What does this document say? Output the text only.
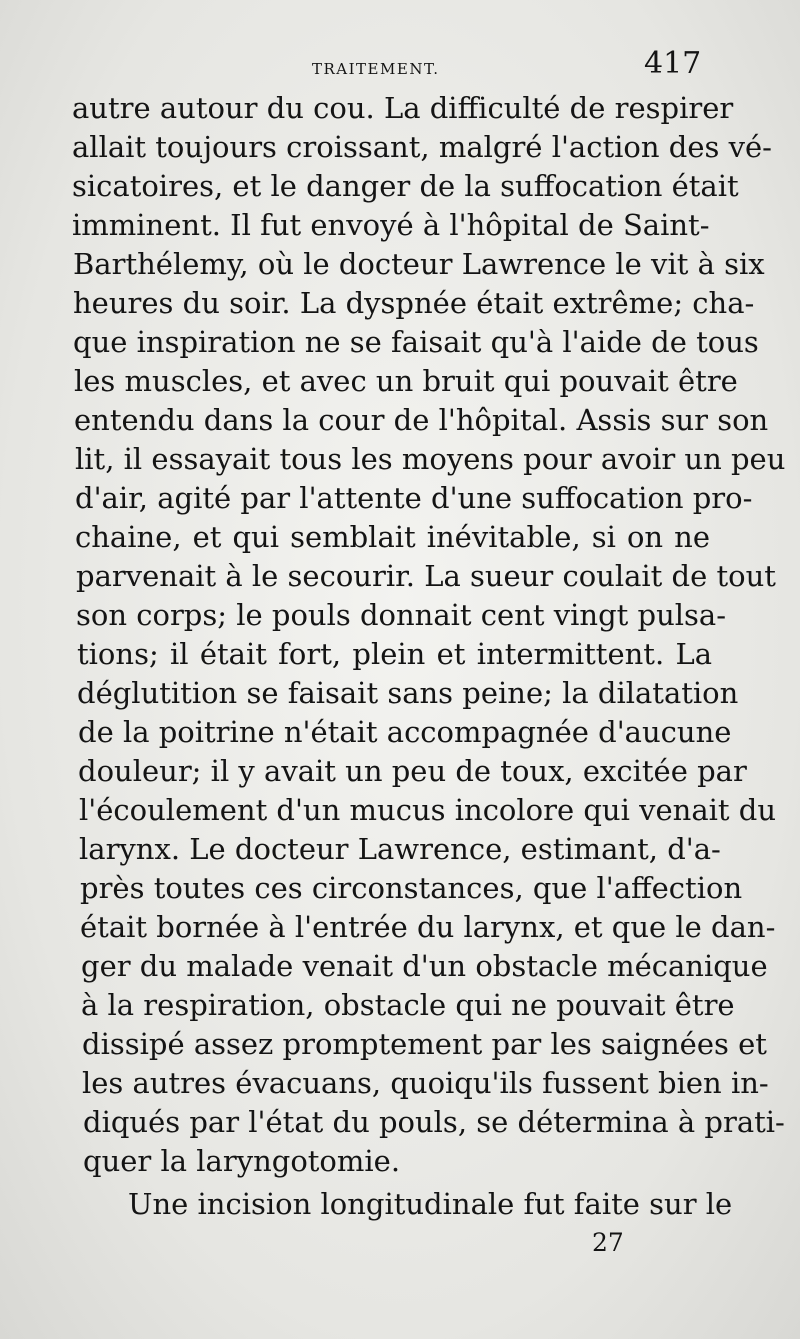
TRAITEMENT.	417
autre autour du cou. La difficulté de respirer
allait toujours croissant, malgré l'action des vé-
sicatoires, et le danger de la suffocation était
imminent. Il fut envoyé à l'hôpital de Saint-
Barthélemy, où le docteur Lawrence le vit à six
heures du soir. La dyspnée était extrême; cha-
que inspiration ne se faisait qu'à l'aide de tous
les muscles, et avec un bruit qui pouvait être
entendu dans la cour de l'hôpital. Assis sur son
lit, il essayait tous les moyens pour avoir un peu
d'air, agité par l'attente d'une suffocation pro-
chaine, et qui semblait inévitable, si on ne
parvenait à le secourir. La sueur coulait de tout
son corps; le pouls donnait cent vingt pulsa-
tions; il était fort, plein et intermittent. La
déglutition se faisait sans peine; la dilatation
de la poitrine n'était accompagnée d'aucune
douleur; il y avait un peu de toux, excitée par
l'écoulement d'un mucus incolore qui venait du
larynx. Le docteur Lawrence, estimant, d'a-
près toutes ces circonstances, que l'affection
était bornée à l'entrée du larynx, et que le dan-
ger du malade venait d'un obstacle mécanique
à la respiration, obstacle qui ne pouvait être
dissipé assez promptement par les saignées et
les autres évacuans, quoiqu'ils fussent bien in-
diqués par l'état du pouls, se détermina à prati-
quer la laryngotomie.
Une incision longitudinale fut faite sur le
27
